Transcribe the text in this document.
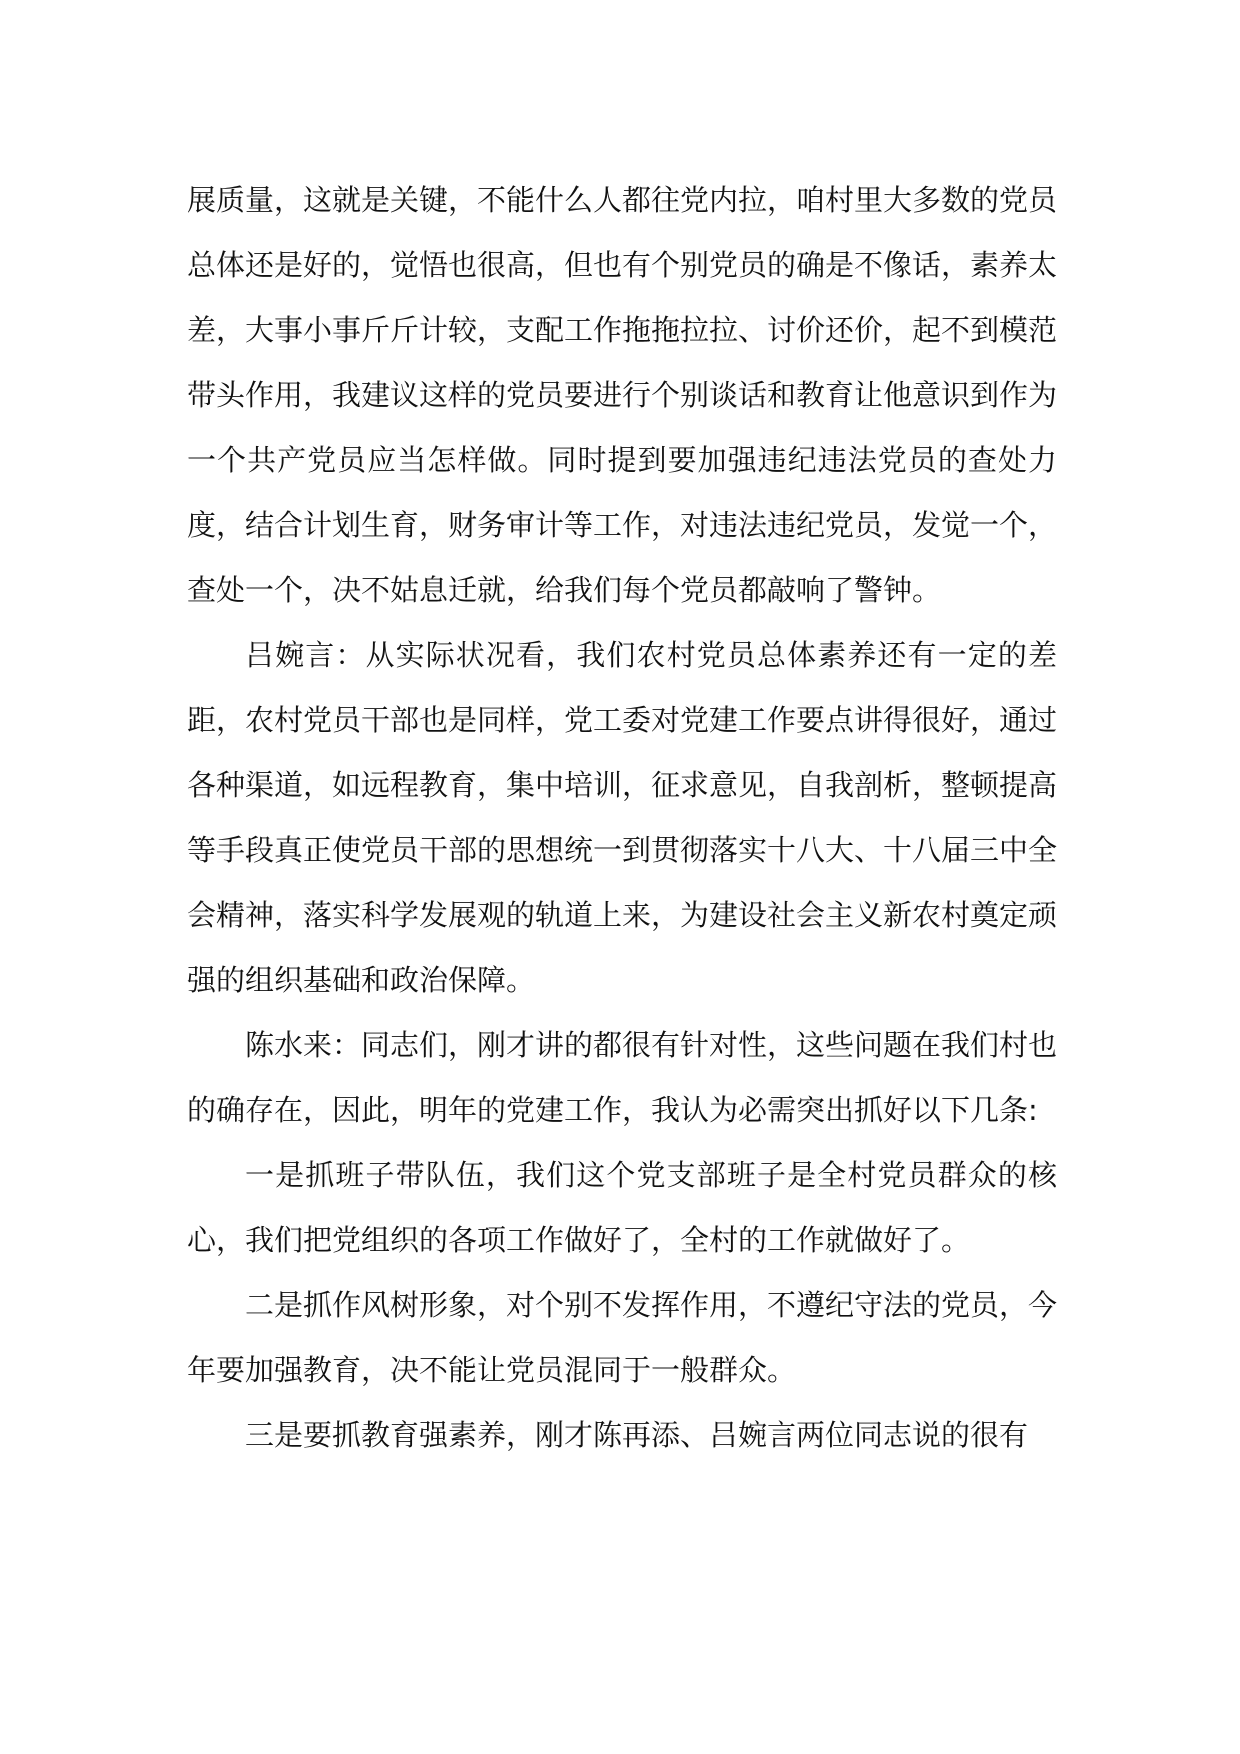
展质量，这就是关键，不能什么人都往党内拉，咱村里大多数的党员总体还是好的，觉悟也很高，但也有个别党员的确是不像话，素养太差，大事小事斤斤计较，支配工作拖拖拉拉、讨价还价，起不到模范带头作用，我建议这样的党员要进行个别谈话和教育让他意识到作为一个共产党员应当怎样做。同时提到要加强违纪违法党员的查处力度，结合计划生育，财务审计等工作，对违法违纪党员，发觉一个，查处一个，决不姑息迁就，给我们每个党员都敲响了警钟。

吕婉言：从实际状况看，我们农村党员总体素养还有一定的差距，农村党员干部也是同样，党工委对党建工作要点讲得很好，通过各种渠道，如远程教育，集中培训，征求意见，自我剖析，整顿提高等手段真正使党员干部的思想统一到贯彻落实十八大、十八届三中全会精神，落实科学发展观的轨道上来，为建设社会主义新农村奠定顽强的组织基础和政治保障。

陈水来：同志们，刚才讲的都很有针对性，这些问题在我们村也的确存在，因此，明年的党建工作，我认为必需突出抓好以下几条:

一是抓班子带队伍，我们这个党支部班子是全村党员群众的核心，我们把党组织的各项工作做好了，全村的工作就做好了。

二是抓作风树形象，对个别不发挥作用，不遵纪守法的党员，今年要加强教育，决不能让党员混同于一般群众。

三是要抓教育强素养，刚才陈再添、吕婉言两位同志说的很有
